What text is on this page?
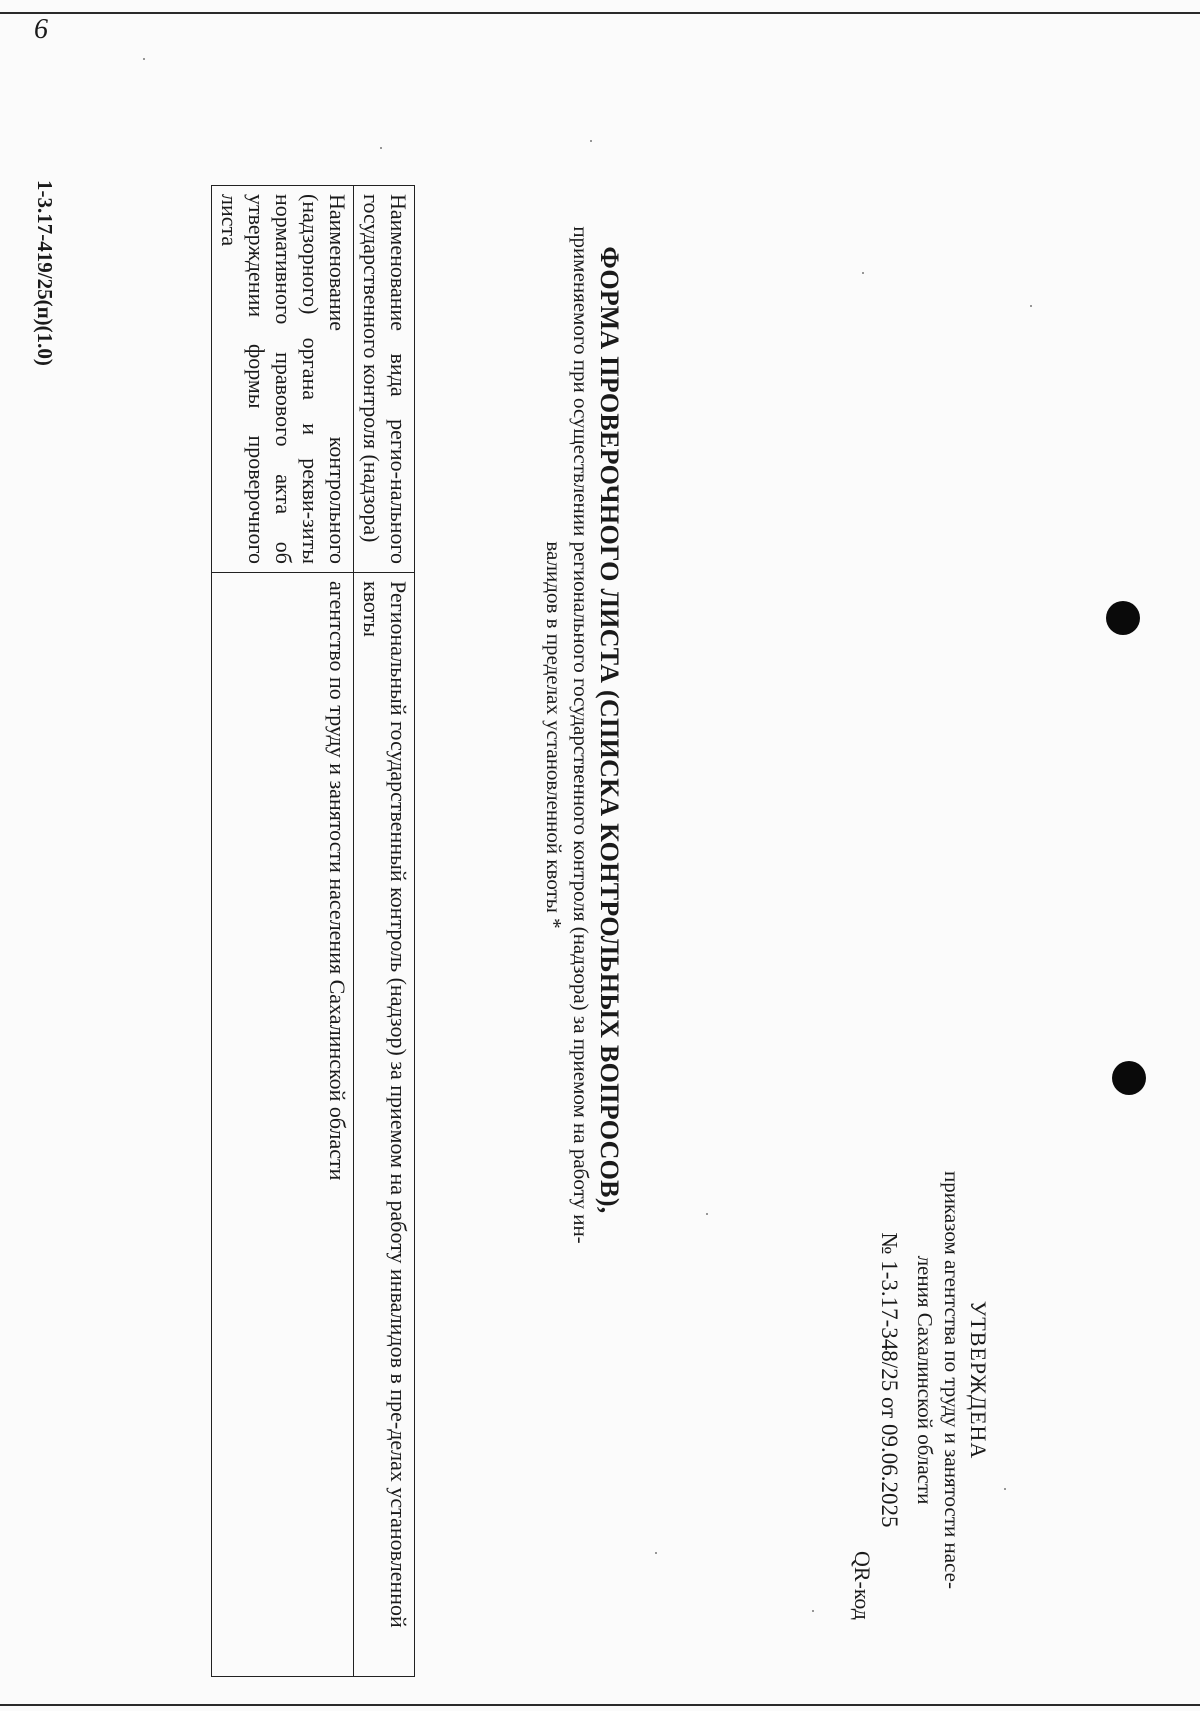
6
УТВЕРЖДЕНА
приказом агентства по труду и занятости насе-
ления Сахалинской области
№ 1-3.17-348/25 от 09.06.2025
QR-код
ФОРМА ПРОВЕРОЧНОГО ЛИСТА (СПИСКА КОНТРОЛЬНЫХ ВОПРОСОВ),
применяемого при осуществлении регионального государственного контроля (надзора) за приемом на работу ин-
валидов в пределах установленной квоты *
Наименование вида регио-нального государственного контроля (надзора)	Региональный государственный контроль (надзор) за приемом на работу инвалидов в пре-делах установленной квоты
Наименование контрольного (надзорного) органа и рекви-зиты нормативного правового акта об утверждении формы проверочного листа	агентство по труду и занятости населения Сахалинской области
1-3.17-419/25(п)(1.0)
